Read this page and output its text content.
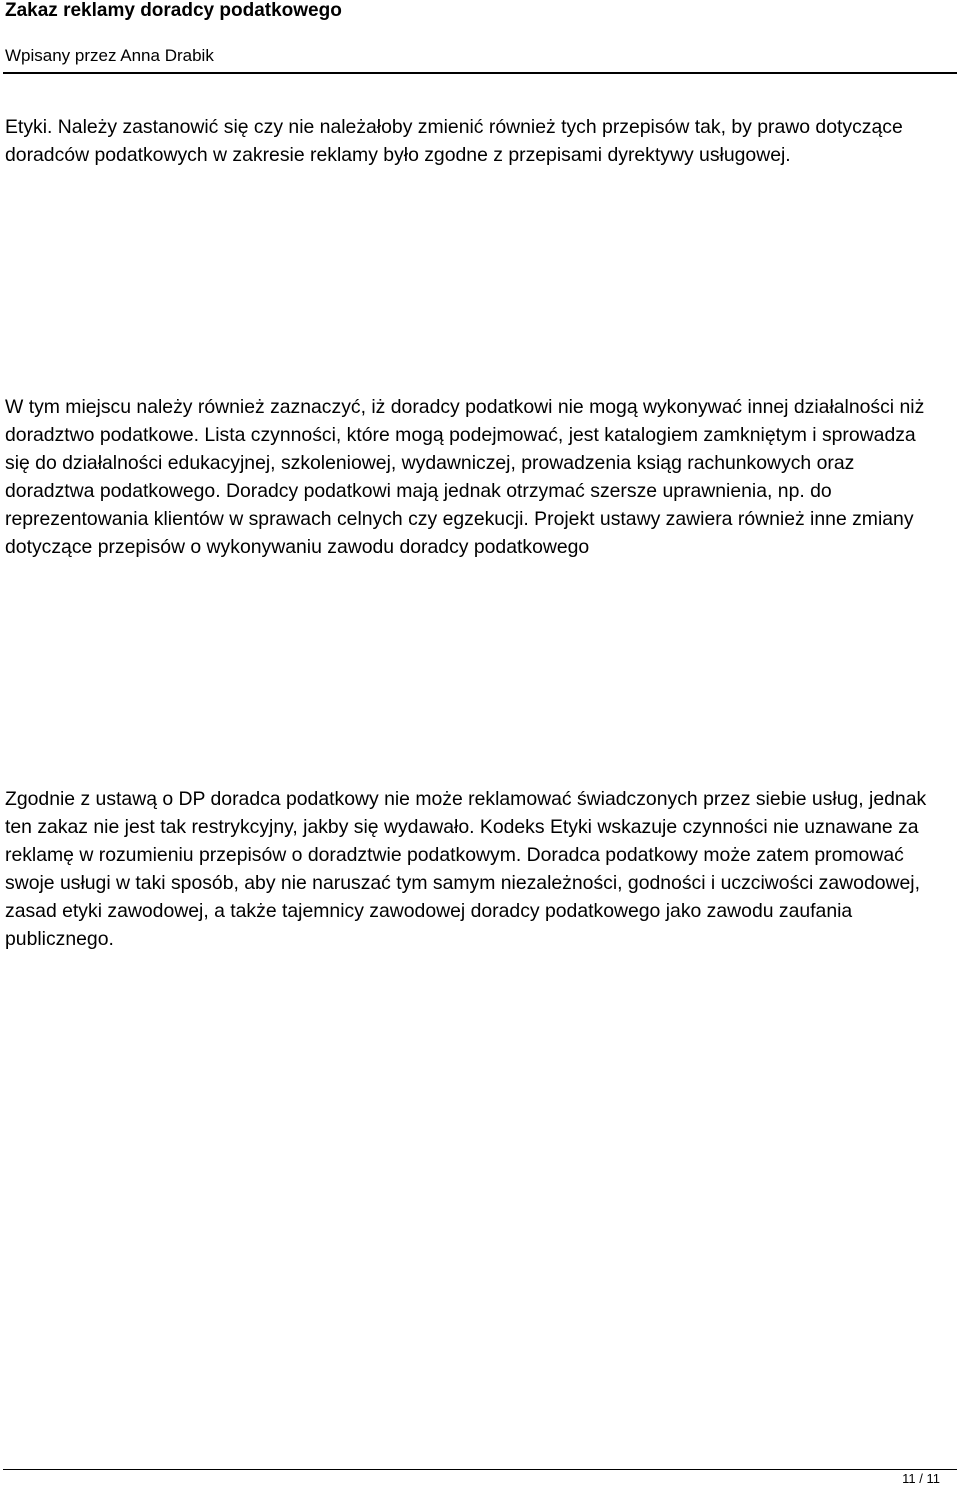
Zakaz reklamy doradcy podatkowego
Wpisany przez Anna Drabik

Etyki. Należy zastanowić się czy nie należałoby zmienić również tych przepisów tak, by prawo dotyczące doradców podatkowych w zakresie reklamy było zgodne z przepisami dyrektywy usługowej.

W tym miejscu należy również zaznaczyć, iż doradcy podatkowi nie mogą wykonywać innej działalności niż doradztwo podatkowe. Lista czynności, które mogą podejmować, jest katalogiem zamkniętym i sprowadza się do działalności edukacyjnej, szkoleniowej, wydawniczej, prowadzenia ksiąg rachunkowych oraz doradztwa podatkowego. Doradcy podatkowi mają jednak otrzymać szersze uprawnienia, np. do reprezentowania klientów w sprawach celnych czy egzekucji. Projekt ustawy zawiera również inne zmiany dotyczące przepisów o wykonywaniu zawodu doradcy podatkowego

Zgodnie z ustawą o DP doradca podatkowy nie może reklamować świadczonych przez siebie usług, jednak ten zakaz nie jest tak restrykcyjny, jakby się wydawało. Kodeks Etyki wskazuje czynności nie uznawane za reklamę w rozumieniu przepisów o doradztwie podatkowym. Doradca podatkowy może zatem promować swoje usługi w taki sposób, aby nie naruszać tym samym niezależności, godności i uczciwości zawodowej, zasad etyki zawodowej, a także tajemnicy zawodowej doradcy podatkowego jako zawodu zaufania publicznego.

11 / 11
